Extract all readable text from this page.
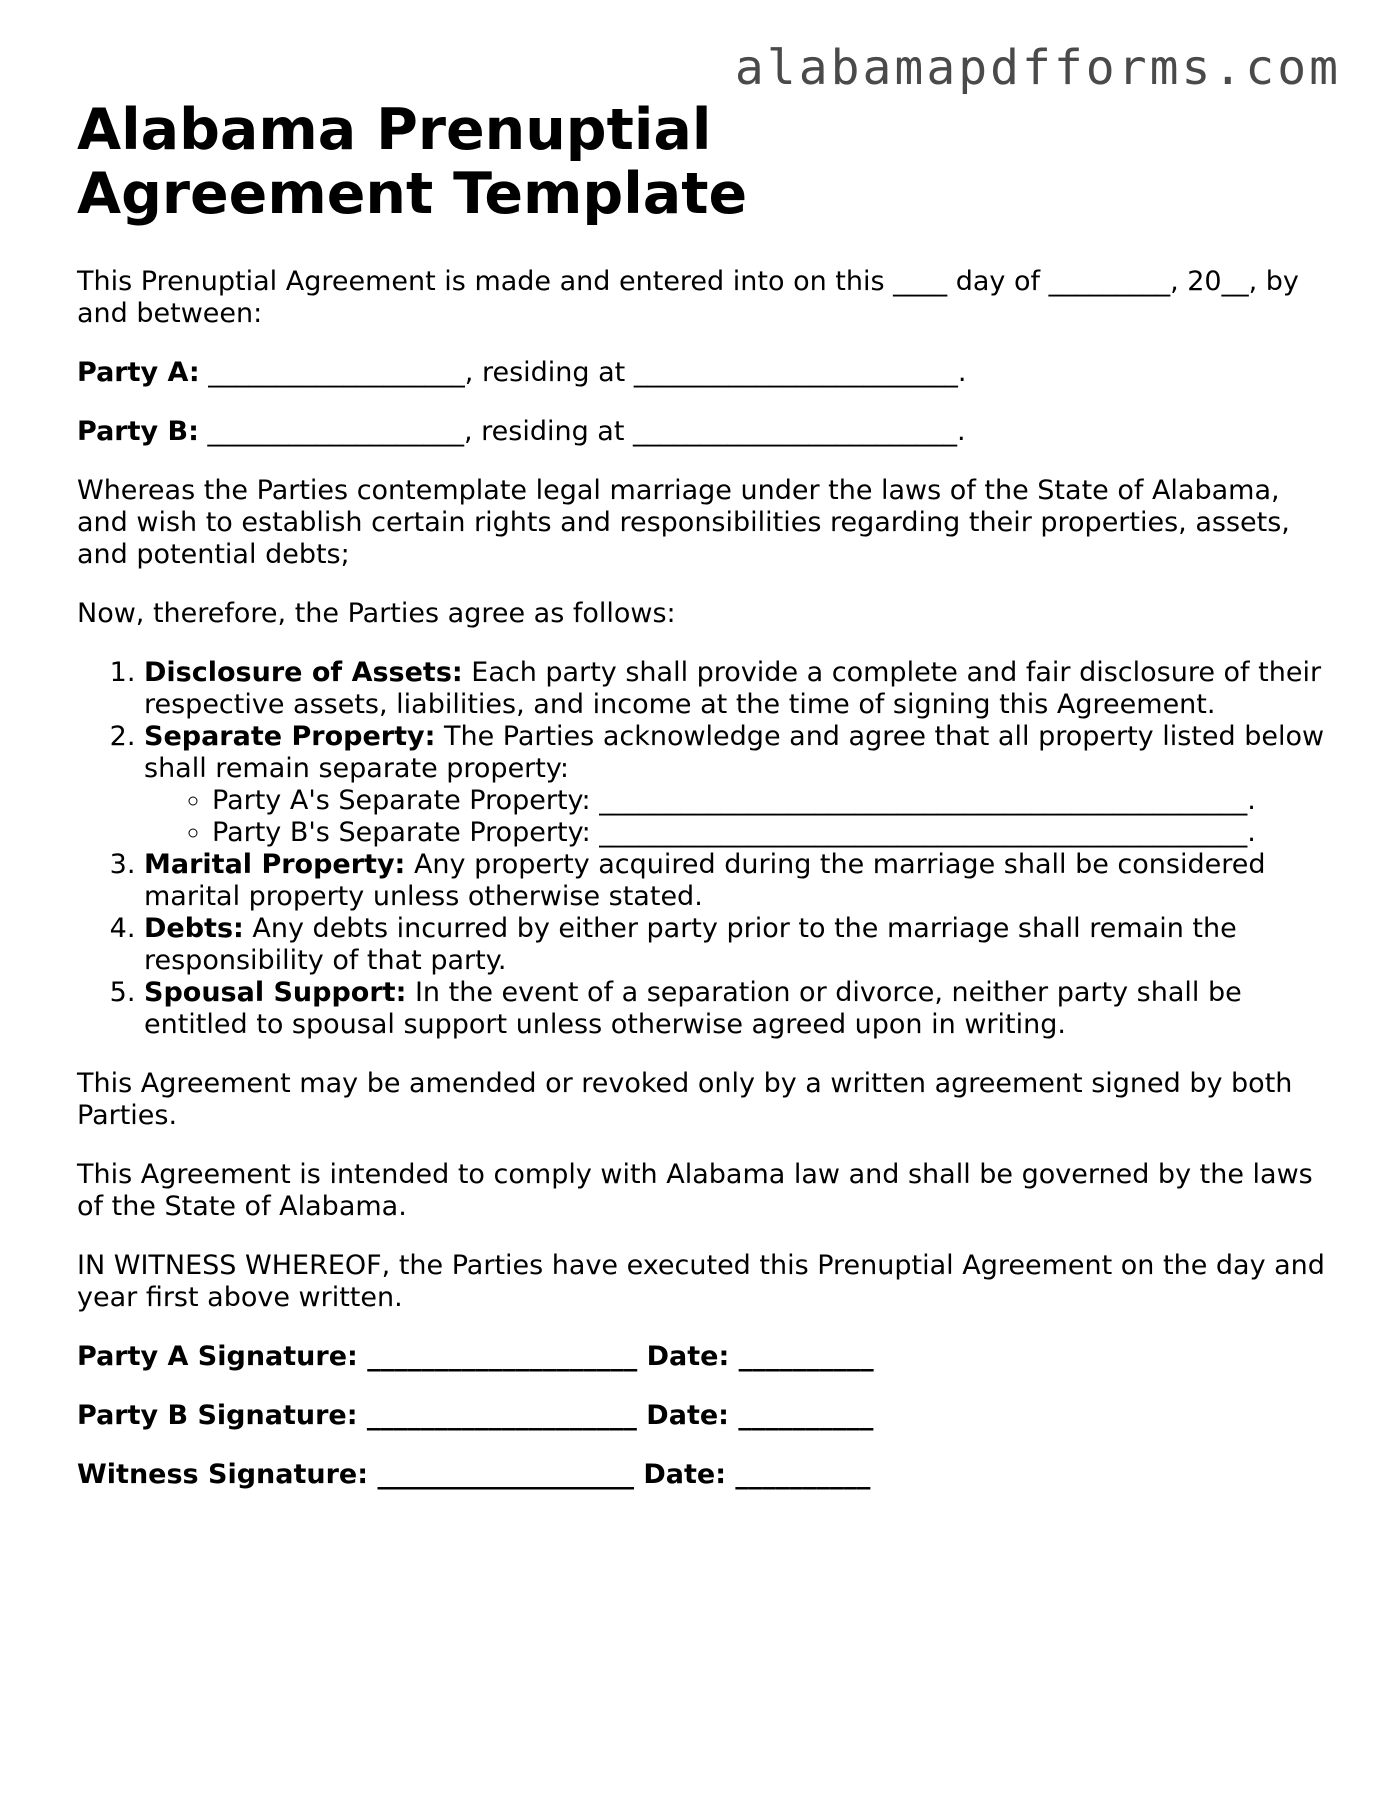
alabamapdfforms.com
Alabama Prenuptial Agreement Template

This Prenuptial Agreement is made and entered into on this ____ day of _________, 20__, by and between:

Party A: ___________________, residing at ________________________.

Party B: ___________________, residing at ________________________.

Whereas the Parties contemplate legal marriage under the laws of the State of Alabama, and wish to establish certain rights and responsibilities regarding their properties, assets, and potential debts;

Now, therefore, the Parties agree as follows:

1. Disclosure of Assets: Each party shall provide a complete and fair disclosure of their respective assets, liabilities, and income at the time of signing this Agreement.
2. Separate Property: The Parties acknowledge and agree that all property listed below shall remain separate property:
◦ Party A's Separate Property: ________________________________________________.
◦ Party B's Separate Property: ________________________________________________.
3. Marital Property: Any property acquired during the marriage shall be considered marital property unless otherwise stated.
4. Debts: Any debts incurred by either party prior to the marriage shall remain the responsibility of that party.
5. Spousal Support: In the event of a separation or divorce, neither party shall be entitled to spousal support unless otherwise agreed upon in writing.

This Agreement may be amended or revoked only by a written agreement signed by both Parties.

This Agreement is intended to comply with Alabama law and shall be governed by the laws of the State of Alabama.

IN WITNESS WHEREOF, the Parties have executed this Prenuptial Agreement on the day and year first above written.

Party A Signature: ____________________ Date: __________

Party B Signature: ____________________ Date: __________

Witness Signature: ___________________ Date: __________
